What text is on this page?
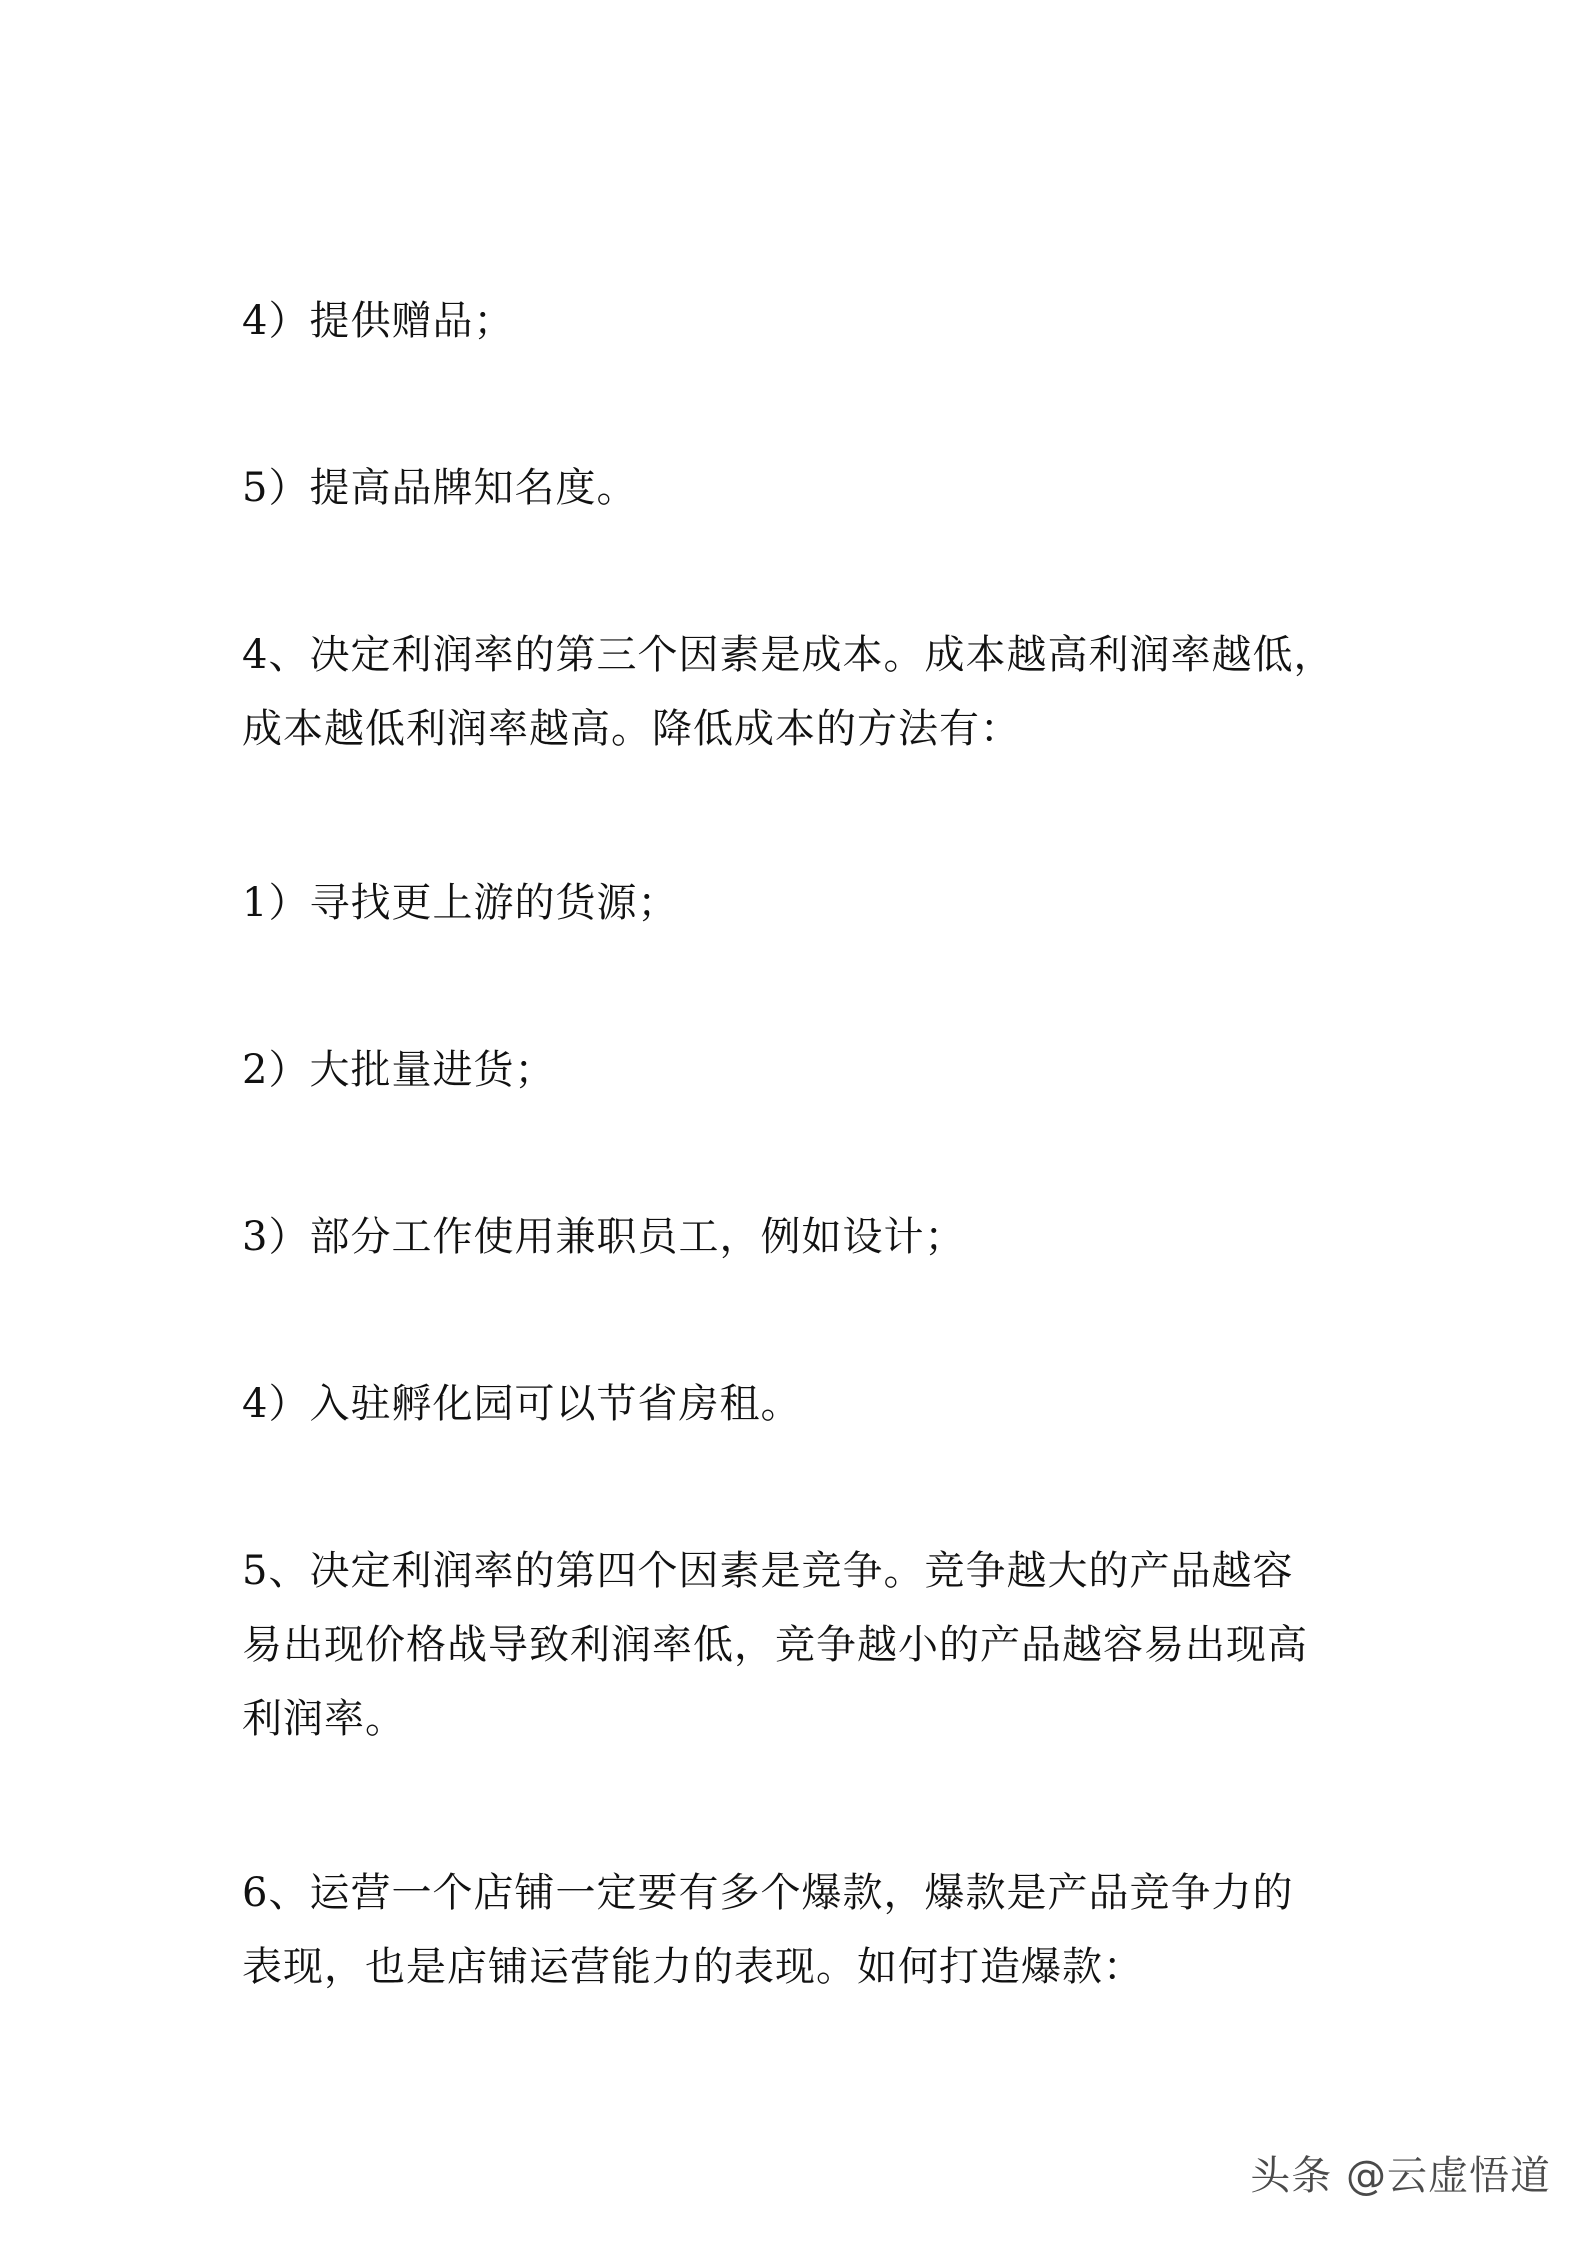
4）提供赠品；

5）提高品牌知名度。

4、决定利润率的第三个因素是成本。成本越高利润率越低，
成本越低利润率越高。降低成本的方法有：

1）寻找更上游的货源；

2）大批量进货；

3）部分工作使用兼职员工，例如设计；

4）入驻孵化园可以节省房租。

5、决定利润率的第四个因素是竞争。竞争越大的产品越容
易出现价格战导致利润率低，竞争越小的产品越容易出现高
利润率。

6、运营一个店铺一定要有多个爆款，爆款是产品竞争力的
表现，也是店铺运营能力的表现。如何打造爆款：

头条 @云虚悟道
